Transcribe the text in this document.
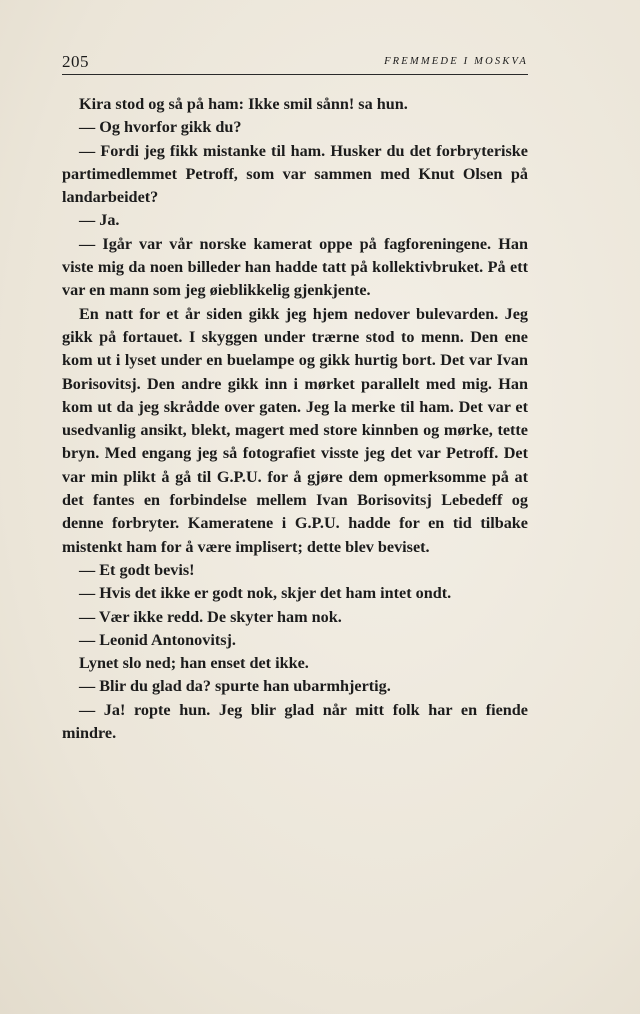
205	FREMMEDE I MOSKVA

Kira stod og så på ham: Ikke smil sånn! sa hun.

— Og hvorfor gikk du?

— Fordi jeg fikk mistanke til ham. Husker du det forbryteriske partimedlemmet Petroff, som var sammen med Knut Olsen på landarbeidet?

— Ja.

— Igår var vår norske kamerat oppe på fagforeningene. Han viste mig da noen billeder han hadde tatt på kollektivbruket. På ett var en mann som jeg øieblikkelig gjenkjente.

En natt for et år siden gikk jeg hjem nedover bulevarden. Jeg gikk på fortauet. I skyggen under trærne stod to menn. Den ene kom ut i lyset under en buelampe og gikk hurtig bort. Det var Ivan Borisovitsj. Den andre gikk inn i mørket parallelt med mig. Han kom ut da jeg skrådde over gaten. Jeg la merke til ham. Det var et usedvanlig ansikt, blekt, magert med store kinnben og mørke, tette bryn. Med engang jeg så fotografiet visste jeg det var Petroff. Det var min plikt å gå til G.P.U. for å gjøre dem opmerksomme på at det fantes en forbindelse mellem Ivan Borisovitsj Lebedeff og denne forbryter. Kameratene i G.P.U. hadde for en tid tilbake mistenkt ham for å være implisert; dette blev beviset.

— Et godt bevis!

— Hvis det ikke er godt nok, skjer det ham intet ondt.

— Vær ikke redd. De skyter ham nok.

— Leonid Antonovitsj.

Lynet slo ned; han enset det ikke.

— Blir du glad da? spurte han ubarmhjertig.

— Ja! ropte hun. Jeg blir glad når mitt folk har en fiende mindre.
